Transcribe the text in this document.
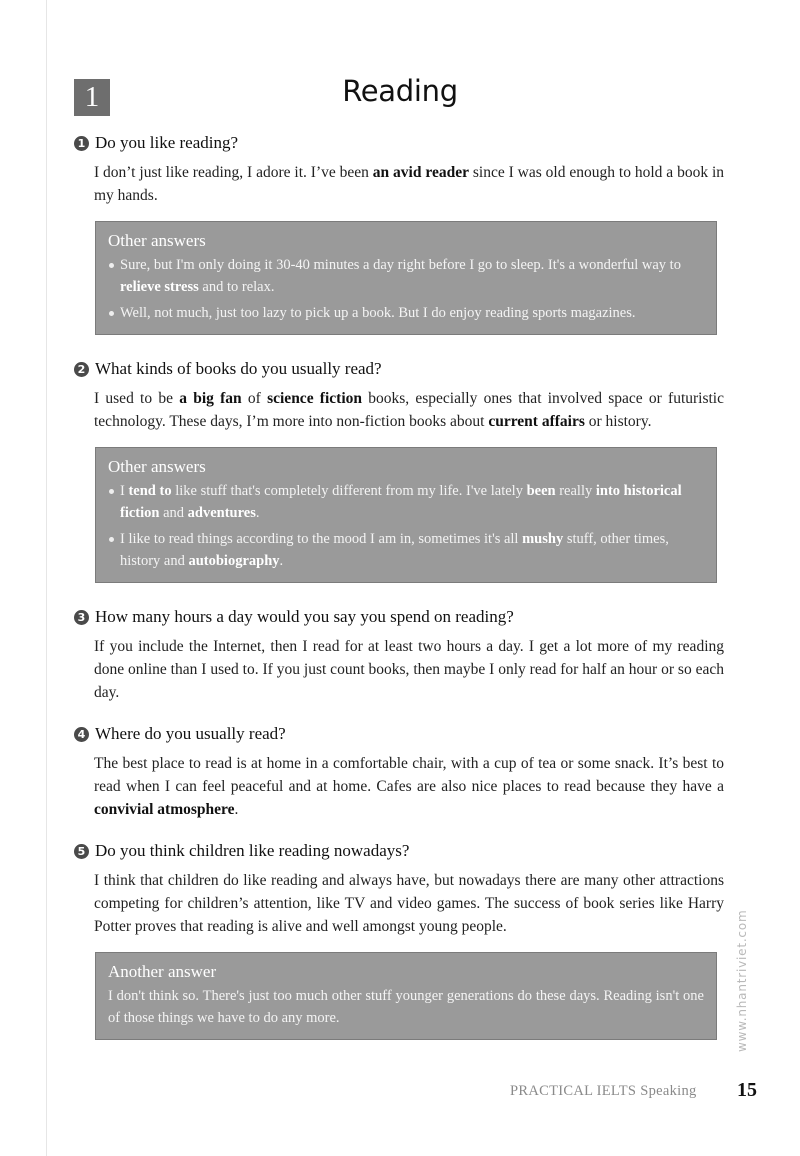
1	Reading
1 Do you like reading?
I don’t just like reading, I adore it. I’ve been an avid reader since I was old enough to hold a book in my hands.
Other answers
Sure, but I'm only doing it 30-40 minutes a day right before I go to sleep. It's a wonderful way to relieve stress and to relax.
Well, not much, just too lazy to pick up a book. But I do enjoy reading sports magazines.
2 What kinds of books do you usually read?
I used to be a big fan of science fiction books, especially ones that involved space or futuristic technology. These days, I’m more into non-fiction books about current affairs or history.
Other answers
I tend to like stuff that's completely different from my life. I've lately been really into historical fiction and adventures.
I like to read things according to the mood I am in, sometimes it's all mushy stuff, other times, history and autobiography.
3 How many hours a day would you say you spend on reading?
If you include the Internet, then I read for at least two hours a day. I get a lot more of my reading done online than I used to. If you just count books, then maybe I only read for half an hour or so each day.
4 Where do you usually read?
The best place to read is at home in a comfortable chair, with a cup of tea or some snack. It’s best to read when I can feel peaceful and at home. Cafes are also nice places to read because they have a convivial atmosphere.
5 Do you think children like reading nowadays?
I think that children do like reading and always have, but nowadays there are many other attractions competing for children’s attention, like TV and video games. The success of book series like Harry Potter proves that reading is alive and well amongst young people.
Another answer
I don't think so. There's just too much other stuff younger generations do these days. Reading isn't one of those things we have to do any more.	www.nhantriviet.com
PRACTICAL IELTS Speaking 15
